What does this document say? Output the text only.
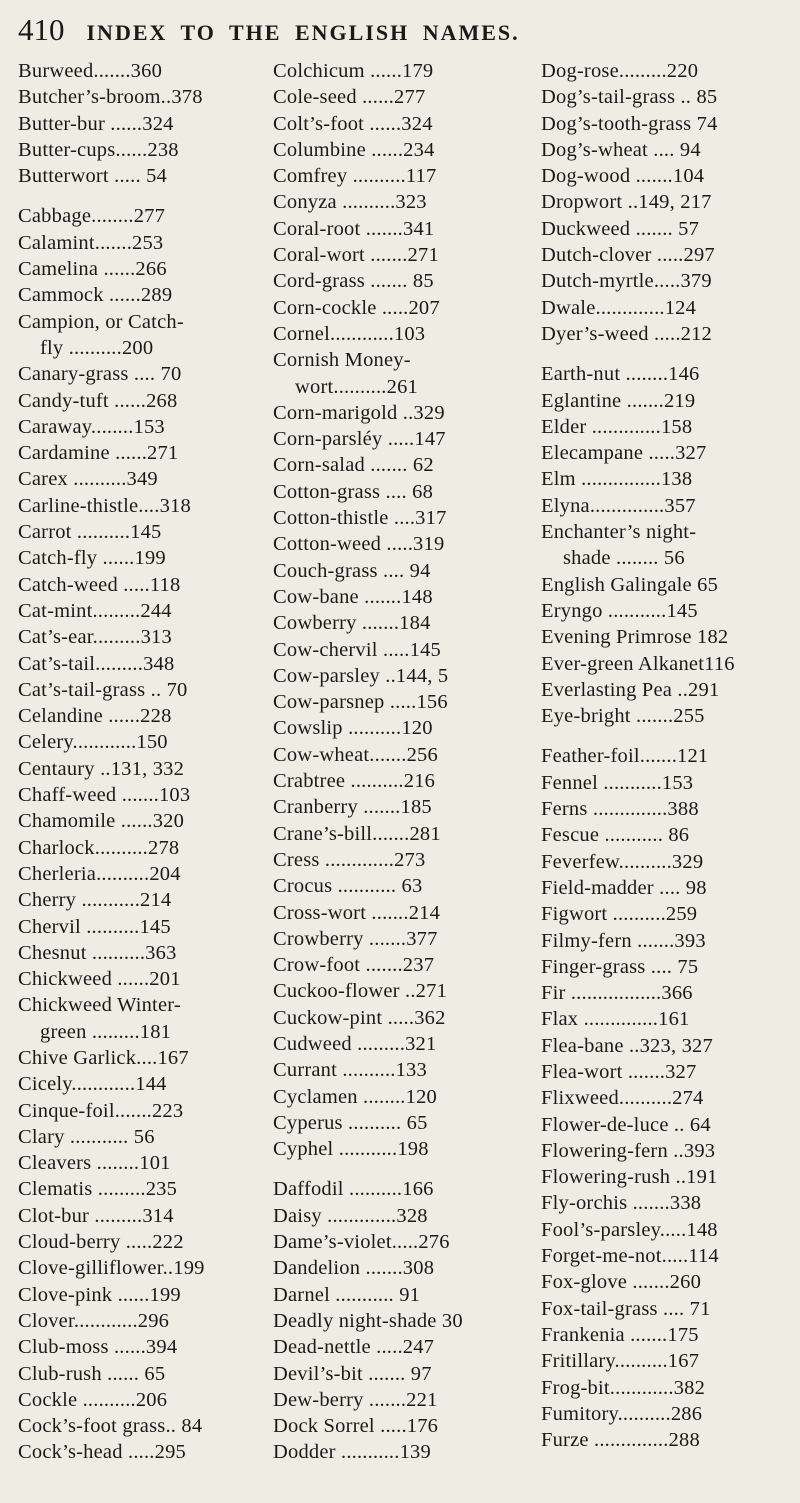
410 INDEX TO THE ENGLISH NAMES.
Burweed.......360
Butcher’s-broom..378
Butter-bur ......324
Butter-cups......238
Butterwort ..... 54
Cabbage........277
Calamint.......253
Camelina ......266
Cammock ......289
Campion, or Catch-
fly ..........200
Canary-grass .... 70
Candy-tuft ......268
Caraway........153
Cardamine ......271
Carex ..........349
Carline-thistle....318
Carrot ..........145
Catch-fly ......199
Catch-weed .....118
Cat-mint.........244
Cat’s-ear.........313
Cat’s-tail.........348
Cat’s-tail-grass .. 70
Celandine ......228
Celery............150
Centaury ..131, 332
Chaff-weed .......103
Chamomile ......320
Charlock..........278
Cherleria..........204
Cherry ...........214
Chervil ..........145
Chesnut ..........363
Chickweed ......201
Chickweed Winter-
green .........181
Chive Garlick....167
Cicely............144
Cinque-foil.......223
Clary ........... 56
Cleavers ........101
Clematis .........235
Clot-bur .........314
Cloud-berry .....222
Clove-gilliflower..199
Clove-pink ......199
Clover............296
Club-moss ......394
Club-rush ...... 65
Cockle ..........206
Cock’s-foot grass.. 84
Cock’s-head .....295
Colchicum ......179
Cole-seed ......277
Colt’s-foot ......324
Columbine ......234
Comfrey ..........117
Conyza ..........323
Coral-root .......341
Coral-wort .......271
Cord-grass ....... 85
Corn-cockle .....207
Cornel............103
Cornish Money-
wort..........261
Corn-marigold ..329
Corn-parsléy .....147
Corn-salad ....... 62
Cotton-grass .... 68
Cotton-thistle ....317
Cotton-weed .....319
Couch-grass .... 94
Cow-bane .......148
Cowberry .......184
Cow-chervil .....145
Cow-parsley ..144, 5
Cow-parsnep .....156
Cowslip ..........120
Cow-wheat.......256
Crabtree ..........216
Cranberry .......185
Crane’s-bill.......281
Cress .............273
Crocus ........... 63
Cross-wort .......214
Crowberry .......377
Crow-foot .......237
Cuckoo-flower ..271
Cuckow-pint .....362
Cudweed .........321
Currant ..........133
Cyclamen ........120
Cyperus .......... 65
Cyphel ...........198
Daffodil ..........166
Daisy .............328
Dame’s-violet.....276
Dandelion .......308
Darnel ........... 91
Deadly night-shade 30
Dead-nettle .....247
Devil’s-bit ....... 97
Dew-berry .......221
Dock Sorrel .....176
Dodder ...........139
Dog-rose.........220
Dog’s-tail-grass .. 85
Dog’s-tooth-grass 74
Dog’s-wheat .... 94
Dog-wood .......104
Dropwort ..149, 217
Duckweed ....... 57
Dutch-clover .....297
Dutch-myrtle.....379
Dwale.............124
Dyer’s-weed .....212
Earth-nut ........146
Eglantine .......219
Elder .............158
Elecampane .....327
Elm ...............138
Elyna..............357
Enchanter’s night-
shade ........ 56
English Galingale 65
Eryngo ...........145
Evening Primrose 182
Ever-green Alkanet116
Everlasting Pea ..291
Eye-bright .......255
Feather-foil.......121
Fennel ...........153
Ferns ..............388
Fescue ........... 86
Feverfew..........329
Field-madder .... 98
Figwort ..........259
Filmy-fern .......393
Finger-grass .... 75
Fir .................366
Flax ..............161
Flea-bane ..323, 327
Flea-wort .......327
Flixweed..........274
Flower-de-luce .. 64
Flowering-fern ..393
Flowering-rush ..191
Fly-orchis .......338
Fool’s-parsley.....148
Forget-me-not.....114
Fox-glove .......260
Fox-tail-grass .... 71
Frankenia .......175
Fritillary..........167
Frog-bit............382
Fumitory..........286
Furze ..............288
